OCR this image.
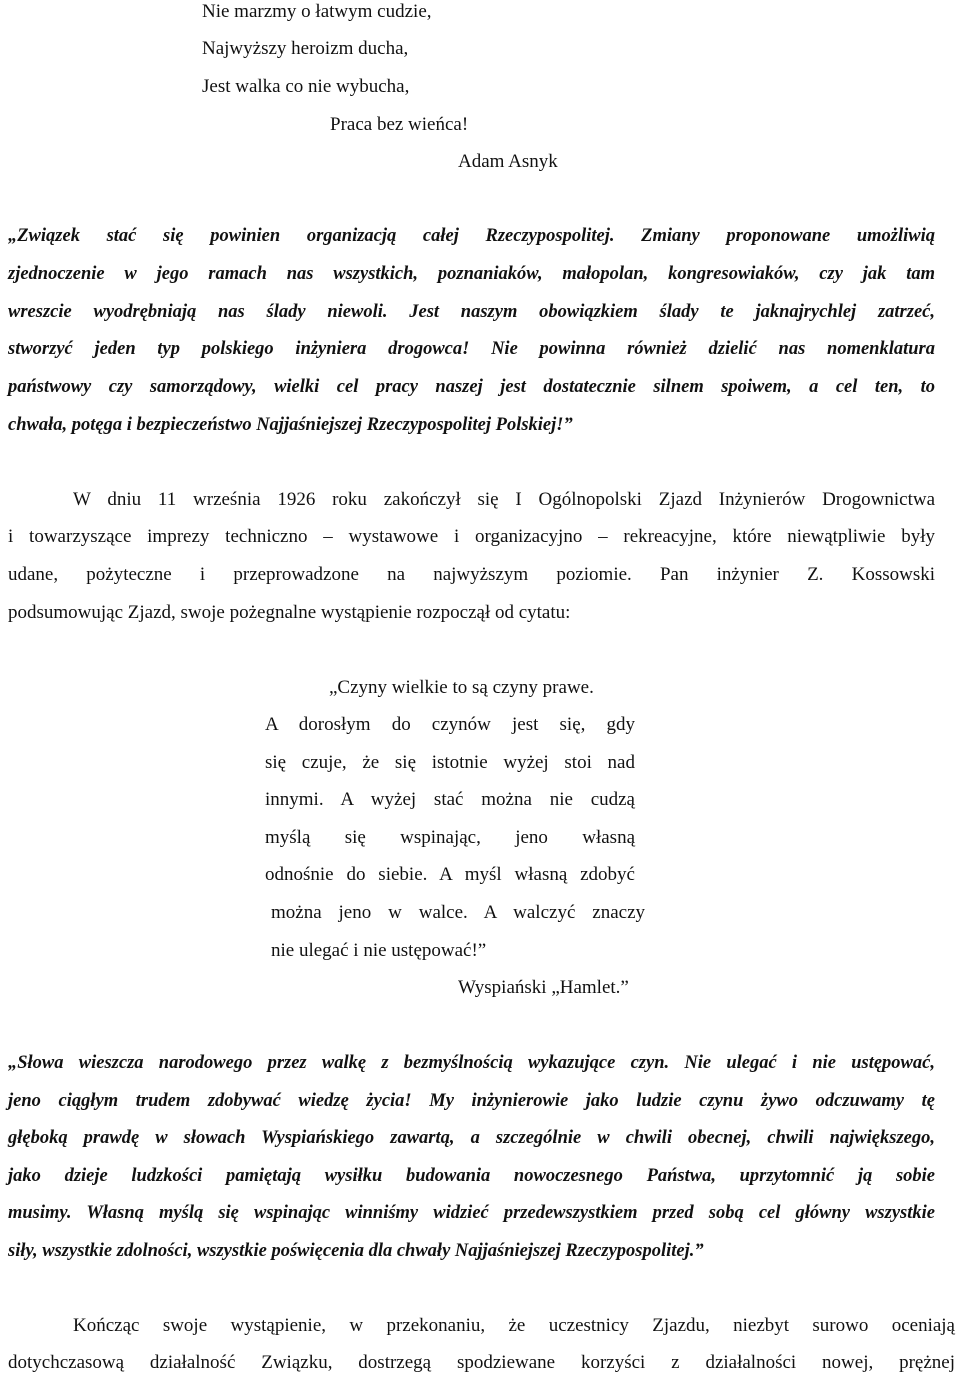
Nie marzmy o łatwym cudzie,
Najwyższy heroizm ducha,
Jest walka co nie wybucha,
Praca bez wieńca!
Adam Asnyk
„Związek stać się powinien organizacją całej Rzeczypospolitej. Zmiany proponowane umożliwią
zjednoczenie w jego ramach nas wszystkich, poznaniaków, małopolan, kongresowiaków, czy jak tam
wreszcie wyodrębniają nas ślady niewoli. Jest naszym obowiązkiem ślady te jaknajrychlej zatrzeć,
stworzyć jeden typ polskiego inżyniera drogowca! Nie powinna również dzielić nas nomenklatura
państwowy czy samorządowy, wielki cel pracy naszej jest dostatecznie silnem spoiwem, a cel ten, to
chwała, potęga i bezpieczeństwo Najjaśniejszej Rzeczypospolitej Polskiej!”
W dniu 11 września 1926 roku zakończył się I Ogólnopolski Zjazd Inżynierów Drogownictwa
i towarzyszące imprezy techniczno – wystawowe i organizacyjno – rekreacyjne, które niewątpliwie były
udane, pożyteczne i przeprowadzone na najwyższym poziomie. Pan inżynier Z. Kossowski
podsumowując Zjazd, swoje pożegnalne wystąpienie rozpoczął od cytatu:
„Czyny wielkie to są czyny prawe.
A dorosłym do czynów jest się, gdy
się czuje, że się istotnie wyżej stoi nad
innymi. A wyżej stać można nie cudzą
myślą się wspinając, jeno własną
odnośnie do siebie. A myśl własną zdobyć
można jeno w walce. A walczyć znaczy
nie ulegać i nie ustępować!”
Wyspiański „Hamlet.”
„Słowa wieszcza narodowego przez walkę z bezmyślnością wykazujące czyn. Nie ulegać i nie ustępować,
jeno ciągłym trudem zdobywać wiedzę życia! My inżynierowie jako ludzie czynu żywo odczuwamy tę
głęboką prawdę w słowach Wyspiańskiego zawartą, a szczególnie w chwili obecnej, chwili największego,
jako dzieje ludzkości pamiętają wysiłku budowania nowoczesnego Państwa, uprzytomnić ją sobie
musimy. Własną myślą się wspinając winniśmy widzieć przedewszystkiem przed sobą cel główny wszystkie
siły, wszystkie zdolności, wszystkie poświęcenia dla chwały Najjaśniejszej Rzeczypospolitej.”
Kończąc swoje wystąpienie, w przekonaniu, że uczestnicy Zjazdu, niezbyt surowo oceniają
dotychczasową działalność Związku, dostrzegą spodziewane korzyści z działalności nowej, prężnej
